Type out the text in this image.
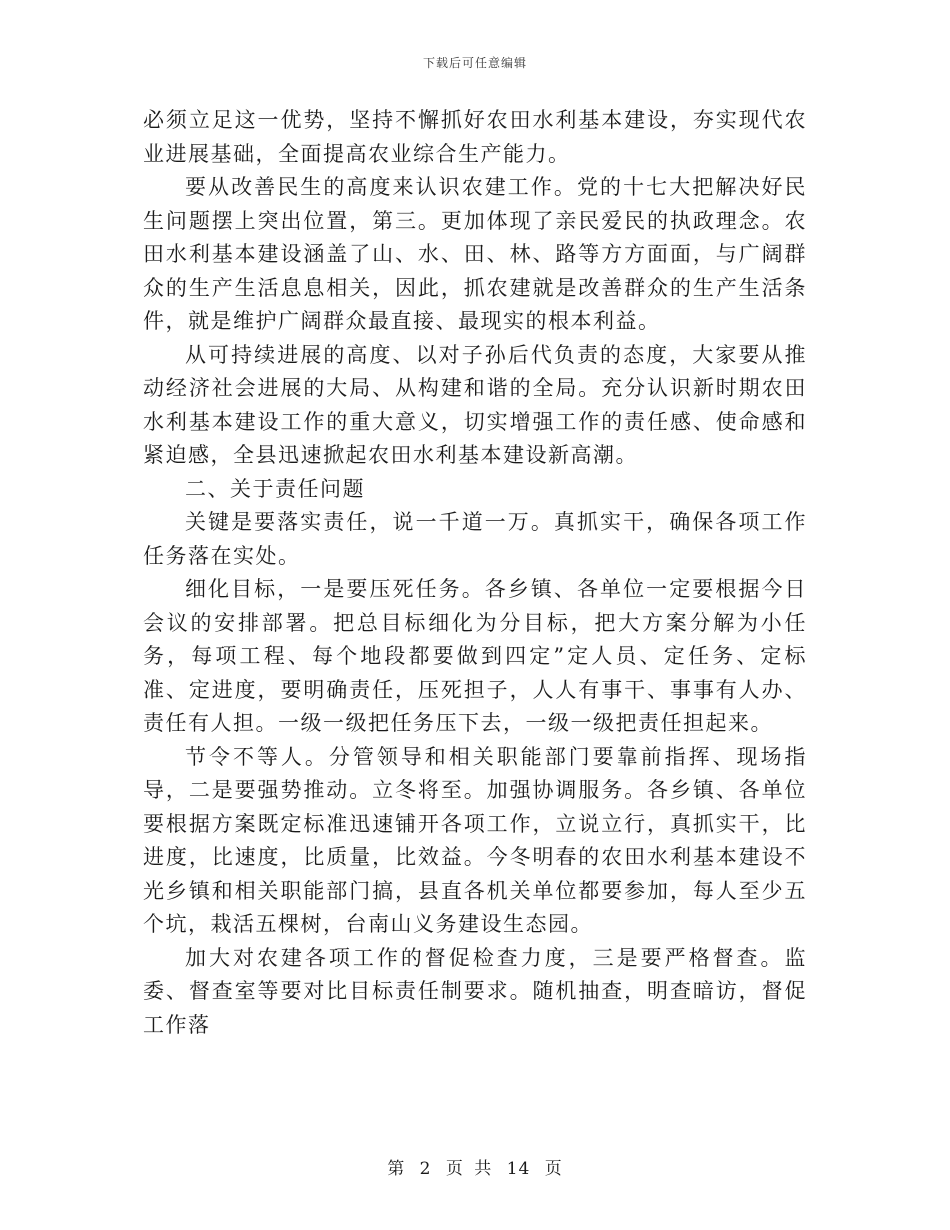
下载后可任意编辑

必须立足这一优势，坚持不懈抓好农田水利基本建设，夯实现代农业进展基础，全面提高农业综合生产能力。

要从改善民生的高度来认识农建工作。党的十七大把解决好民生问题摆上突出位置，第三。更加体现了亲民爱民的执政理念。农田水利基本建设涵盖了山、水、田、林、路等方方面面，与广阔群众的生产生活息息相关，因此，抓农建就是改善群众的生产生活条件，就是维护广阔群众最直接、最现实的根本利益。

从可持续进展的高度、以对子孙后代负责的态度，大家要从推动经济社会进展的大局、从构建和谐的全局。充分认识新时期农田水利基本建设工作的重大意义，切实增强工作的责任感、使命感和紧迫感，全县迅速掀起农田水利基本建设新高潮。

二、关于责任问题

关键是要落实责任，说一千道一万。真抓实干，确保各项工作任务落在实处。

细化目标，一是要压死任务。各乡镇、各单位一定要根据今日会议的安排部署。把总目标细化为分目标，把大方案分解为小任务，每项工程、每个地段都要做到四定”定人员、定任务、定标准、定进度，要明确责任，压死担子，人人有事干、事事有人办、责任有人担。一级一级把任务压下去，一级一级把责任担起来。

节令不等人。分管领导和相关职能部门要靠前指挥、现场指导，二是要强势推动。立冬将至。加强协调服务。各乡镇、各单位要根据方案既定标准迅速铺开各项工作，立说立行，真抓实干，比进度，比速度，比质量，比效益。今冬明春的农田水利基本建设不光乡镇和相关职能部门搞，县直各机关单位都要参加，每人至少五个坑，栽活五棵树，台南山义务建设生态园。

加大对农建各项工作的督促检查力度，三是要严格督查。监委、督查室等要对比目标责任制要求。随机抽查，明查暗访，督促工作落

第 2 页 共 14 页
